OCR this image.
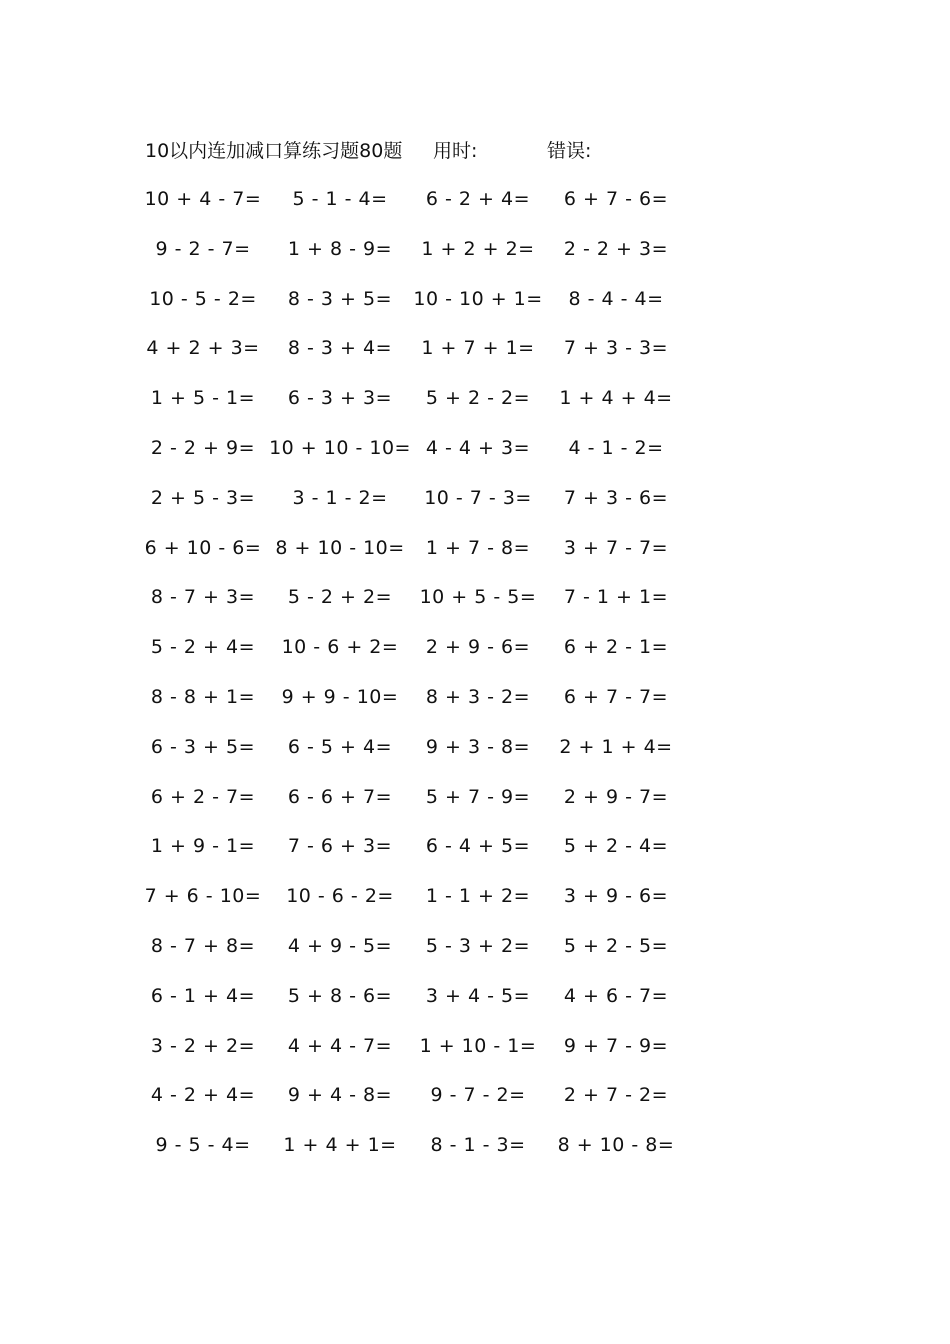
10以内连加减口算练习题80题 用时:	错误:
10 + 4 - 7= 5 - 1 - 4= 6 - 2 + 4= 6 + 7 - 6=
9 - 2 - 7= 1 + 8 - 9= 1 + 2 + 2= 2 - 2 + 3=
10 - 5 - 2= 8 - 3 + 5= 10 - 10 + 1= 8 - 4 - 4=
4 + 2 + 3= 8 - 3 + 4= 1 + 7 + 1= 7 + 3 - 3=
1 + 5 - 1= 6 - 3 + 3= 5 + 2 - 2= 1 + 4 + 4=
2 - 2 + 9= 10 + 10 - 10= 4 - 4 + 3= 4 - 1 - 2=
2 + 5 - 3= 3 - 1 - 2= 10 - 7 - 3= 7 + 3 - 6=
6 + 10 - 6= 8 + 10 - 10= 1 + 7 - 8= 3 + 7 - 7=
8 - 7 + 3= 5 - 2 + 2= 10 + 5 - 5= 7 - 1 + 1=
5 - 2 + 4= 10 - 6 + 2= 2 + 9 - 6= 6 + 2 - 1=
8 - 8 + 1= 9 + 9 - 10= 8 + 3 - 2= 6 + 7 - 7=
6 - 3 + 5= 6 - 5 + 4= 9 + 3 - 8= 2 + 1 + 4=
6 + 2 - 7= 6 - 6 + 7= 5 + 7 - 9= 2 + 9 - 7=
1 + 9 - 1= 7 - 6 + 3= 6 - 4 + 5= 5 + 2 - 4=
7 + 6 - 10= 10 - 6 - 2= 1 - 1 + 2= 3 + 9 - 6=
8 - 7 + 8= 4 + 9 - 5= 5 - 3 + 2= 5 + 2 - 5=
6 - 1 + 4= 5 + 8 - 6= 3 + 4 - 5= 4 + 6 - 7=
3 - 2 + 2= 4 + 4 - 7= 1 + 10 - 1= 9 + 7 - 9=
4 - 2 + 4= 9 + 4 - 8= 9 - 7 - 2= 2 + 7 - 2=
9 - 5 - 4= 1 + 4 + 1= 8 - 1 - 3= 8 + 10 - 8=
